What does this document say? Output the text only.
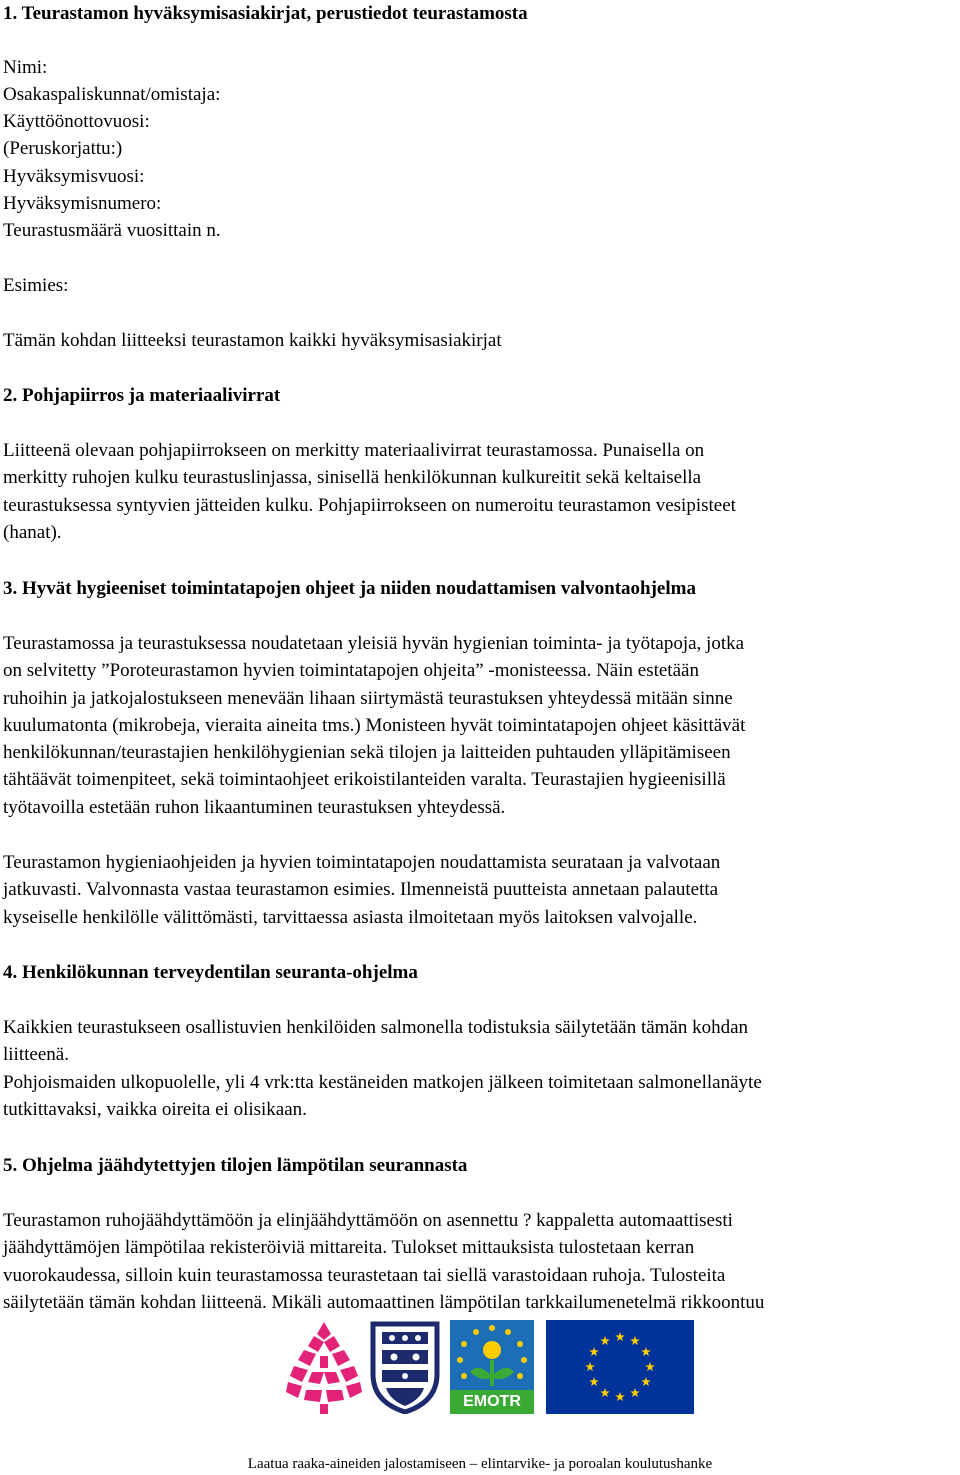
1. Teurastamon hyväksymisasiakirjat, perustiedot teurastamosta

Nimi:

Osakaspaliskunnat/omistaja:

Käyttöönottovuosi:

(Peruskorjattu:)

Hyväksymisvuosi:

Hyväksymisnumero:

Teurastusmäärä vuosittain n.

Esimies:

Tämän kohdan liitteeksi teurastamon kaikki hyväksymisasiakirjat

2. Pohjapiirros ja materiaalivirrat

Liitteenä olevaan pohjapiirrokseen on merkitty materiaalivirrat teurastamossa. Punaisella on
merkitty ruhojen kulku teurastuslinjassa, sinisellä henkilökunnan kulkureitit sekä keltaisella
teurastuksessa syntyvien jätteiden kulku. Pohjapiirrokseen on numeroitu teurastamon vesipisteet
(hanat).

3. Hyvät hygieeniset toimintatapojen ohjeet ja niiden noudattamisen valvontaohjelma

Teurastamossa ja teurastuksessa noudatetaan yleisiä hyvän hygienian toiminta- ja työtapoja, jotka
on selvitetty ”Poroteurastamon hyvien toimintatapojen ohjeita” -monisteessa. Näin estetään
ruhoihin ja jatkojalostukseen menevään lihaan siirtymästä teurastuksen yhteydessä mitään sinne
kuulumatonta (mikrobeja, vieraita aineita tms.) Monisteen hyvät toimintatapojen ohjeet käsittävät
henkilökunnan/teurastajien henkilöhygienian sekä tilojen ja laitteiden puhtauden ylläpitämiseen
tähtäävät toimenpiteet, sekä toimintaohjeet erikoistilanteiden varalta. Teurastajien hygieenisillä
työtavoilla estetään ruhon likaantuminen teurastuksen yhteydessä.
Teurastamon hygieniaohjeiden ja hyvien toimintatapojen noudattamista seurataan ja valvotaan
jatkuvasti. Valvonnasta vastaa teurastamon esimies. Ilmenneistä puutteista annetaan palautetta
kyseiselle henkilölle välittömästi, tarvittaessa asiasta ilmoitetaan myös laitoksen valvojalle.

4. Henkilökunnan terveydentilan seuranta-ohjelma

Kaikkien teurastukseen osallistuvien henkilöiden salmonella todistuksia säilytetään tämän kohdan
liitteenä.
Pohjoismaiden ulkopuolelle, yli 4 vrk:tta kestäneiden matkojen jälkeen toimitetaan salmonellanäyte
tutkittavaksi, vaikka oireita ei olisikaan.

5. Ohjelma jäähdytettyjen tilojen lämpötilan seurannasta

Teurastamon ruhojäähdyttämöön ja elinjäähdyttämöön on asennettu ? kappaletta automaattisesti
jäähdyttämöjen lämpötilaa rekisteröiviä mittareita. Tulokset mittauksista tulostetaan kerran
vuorokaudessa, silloin kuin teurastamossa teurastetaan tai siellä varastoidaan ruhoja. Tulosteita
säilytetään tämän kohdan liitteenä. Mikäli automaattinen lämpötilan tarkkailumenetelmä rikkoontuu
EMOTR

Laatua raaka-aineiden jalostamiseen – elintarvike- ja poroalan koulutushanke
